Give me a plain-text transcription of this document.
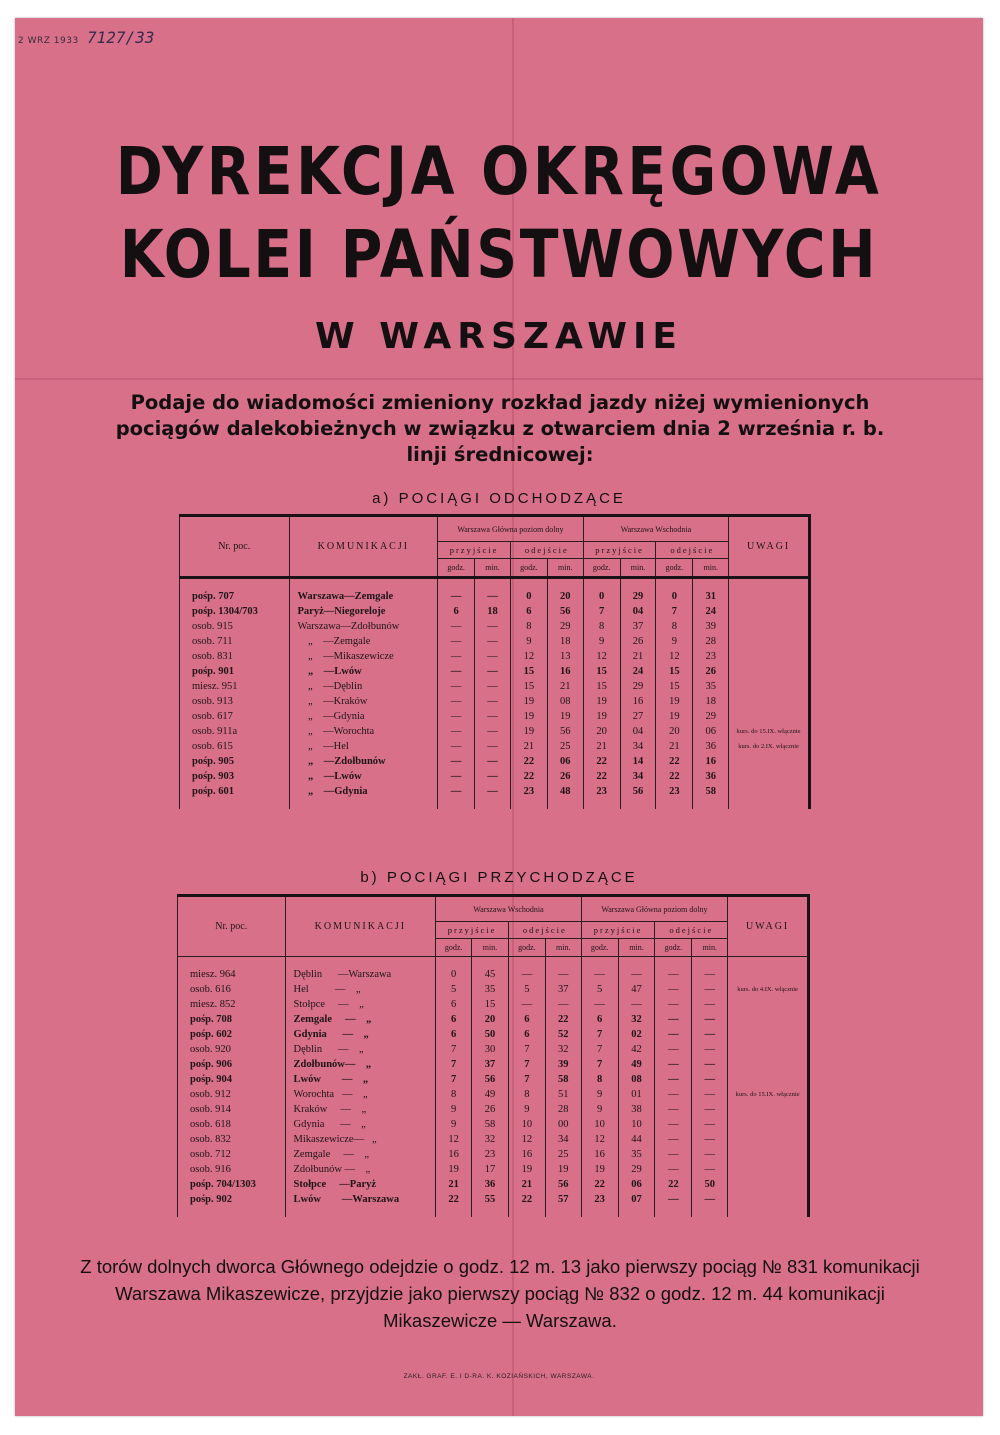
2 WRZ 1933 7127/33
DYREKCJA OKRĘGOWA
KOLEI PAŃSTWOWYCH
W WARSZAWIE
Podaje do wiadomości zmieniony rozkład jazdy niżej wymienionych pociągów dalekobieżnych w związku z otwarciem dnia 2 września r. b. linji średnicowej:
a) POCIĄGI ODCHODZĄCE
Nr. poc.	KOMUNIKACJI	Warszawa Główna poziom dolny				Warszawa Wschodnia				UWAGI
		przyjście		odejście		przyjście		odejście		
		godz.	min.	godz.	min.	godz.	min.	godz.	min.	

pośp. 707	Warszawa—Zemgale	—	—	0	20	0	29	0	31	
pośp. 1304/703	Paryż—Niegoreloje	6	18	6	56	7	04	7	24	
osob. 915	Warszawa—Zdołbunów	—	—	8	29	8	37	8	39	
osob. 711	„    —Zemgale	—	—	9	18	9	26	9	28	
osob. 831	„    —Mikaszewicze	—	—	12	13	12	21	12	23	
pośp. 901	„    —Lwów	—	—	15	16	15	24	15	26	
miesz. 951	„    —Dęblin	—	—	15	21	15	29	15	35	
osob. 913	„    —Kraków	—	—	19	08	19	16	19	18	
osob. 617	„    —Gdynia	—	—	19	19	19	27	19	29	
osob. 911a	„    —Worochta	—	—	19	56	20	04	20	06	kurs. do 15.IX. włącznie
osob. 615	„    —Hel	—	—	21	25	21	34	21	36	kurs. do 2.IX. włącznie
pośp. 905	„    —Zdołbunów	—	—	22	06	22	14	22	16	
pośp. 903	„    —Lwów	—	—	22	26	22	34	22	36	
pośp. 601	„    —Gdynia	—	—	23	48	23	56	23	58	

b) POCIĄGI PRZYCHODZĄCE
Nr. poc.	KOMUNIKACJI	Warszawa Wschodnia				Warszawa Główna poziom dolny				UWAGI
		przyjście		odejście		przyjście		odejście		
		godz.	min.	godz.	min.	godz.	min.	godz.	min.	

miesz. 964	Dęblin      —Warszawa	0	45	—	—	—	—	—	—	
osob. 616	Hel          —    „	5	35	5	37	5	47	—	—	kurs. do 4.IX. włącznie
miesz. 852	Stołpce     —    „	6	15	—	—	—	—	—	—	
pośp. 708	Zemgale     —    „	6	20	6	22	6	32	—	—	
pośp. 602	Gdynia      —    „	6	50	6	52	7	02	—	—	
osob. 920	Dęblin      —    „	7	30	7	32	7	42	—	—	
pośp. 906	Zdołbunów—    „	7	37	7	39	7	49	—	—	
pośp. 904	Lwów        —    „	7	56	7	58	8	08	—	—	
osob. 912	Worochta   —    „	8	49	8	51	9	01	—	—	kurs. do 15.IX. włącznie
osob. 914	Kraków     —    „	9	26	9	28	9	38	—	—	
osob. 618	Gdynia      —    „	9	58	10	00	10	10	—	—	
osob. 832	Mikaszewicze—   „	12	32	12	34	12	44	—	—	
osob. 712	Zemgale     —    „	16	23	16	25	16	35	—	—	
osob. 916	Zdołbunów —    „	19	17	19	19	19	29	—	—	
pośp. 704/1303	Stołpce     —Paryż	21	36	21	56	22	06	22	50	
pośp. 902	Lwów        —Warszawa	22	55	22	57	23	07	—	—	

Z torów dolnych dworca Głównego odejdzie o godz. 12 m. 13 jako pierwszy pociąg № 831 komunikacji Warszawa Mikaszewicze, przyjdzie jako pierwszy pociąg № 832 o godz. 12 m. 44 komunikacji Mikaszewicze — Warszawa.
ZAKŁ. GRAF. E. I D-RA. K. KOZIAŃSKICH, WARSZAWA.
